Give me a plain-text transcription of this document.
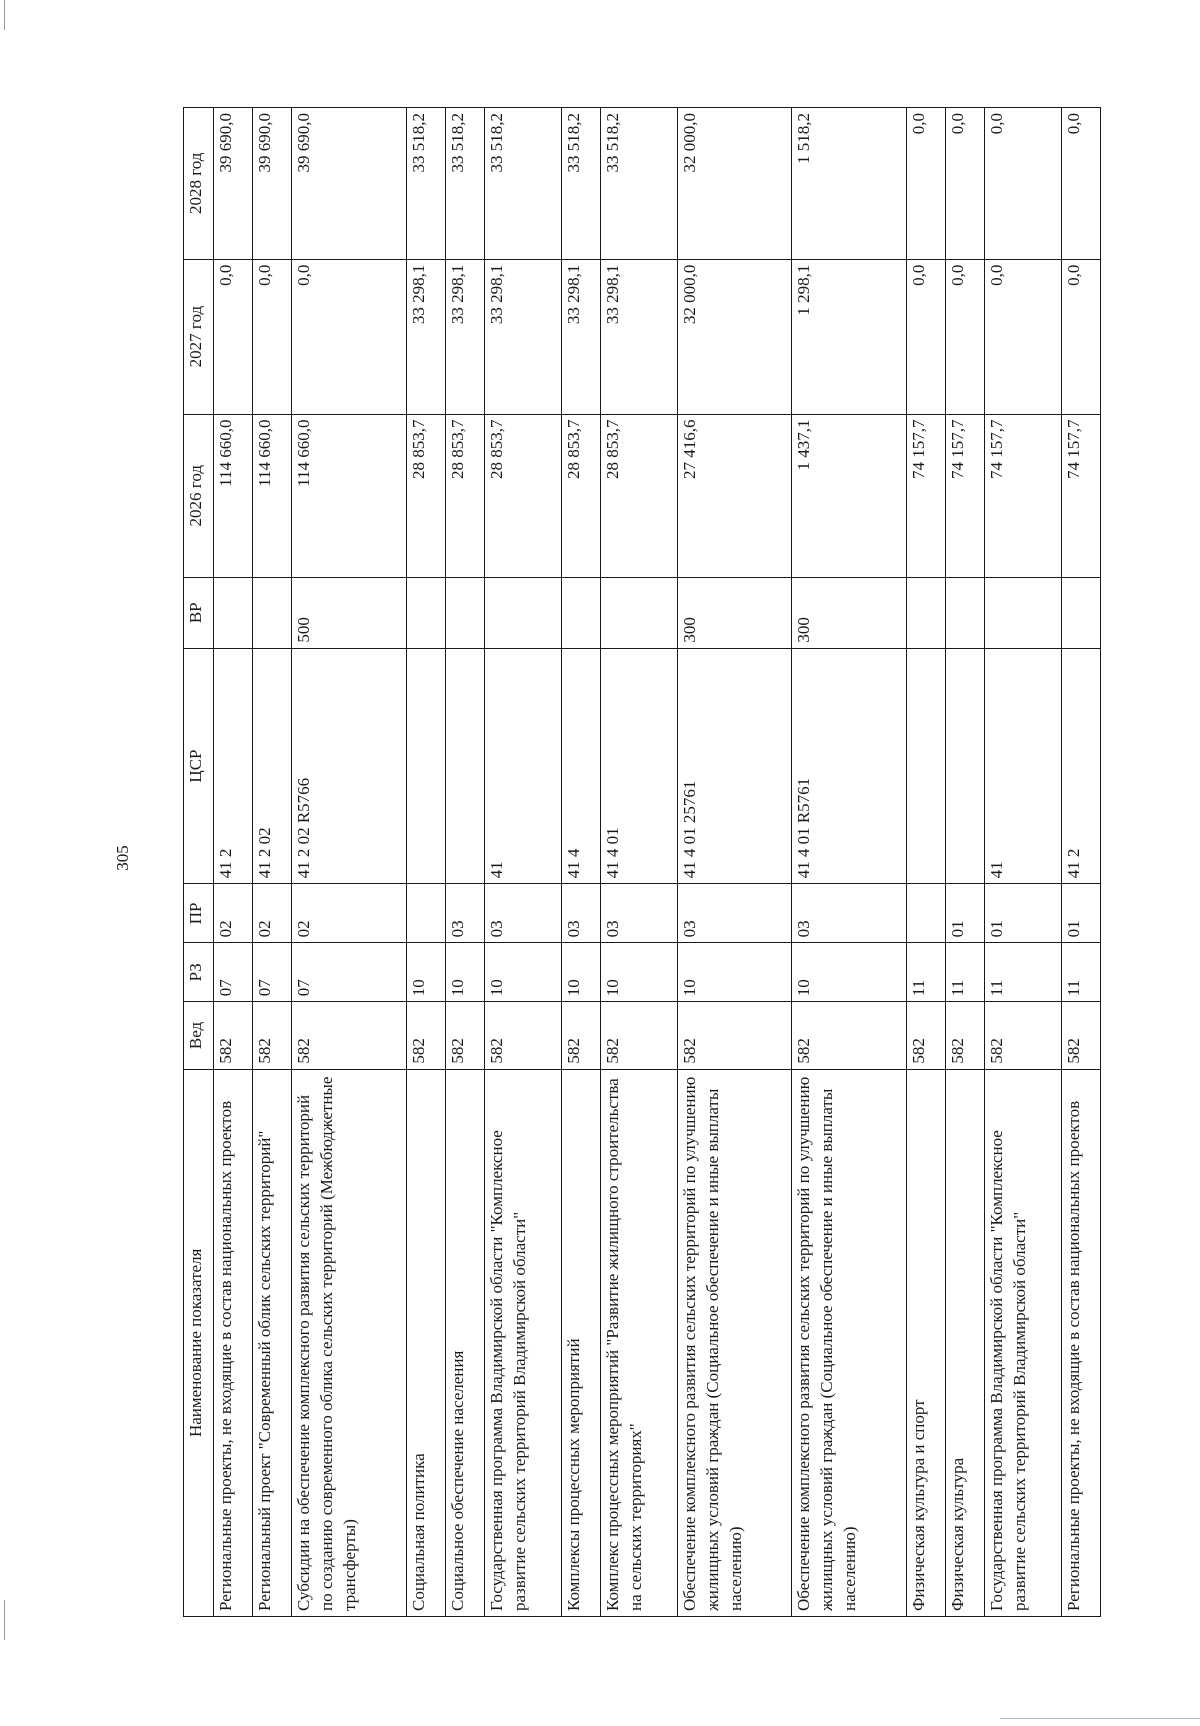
305
Наименование показателя	Вед	РЗ	ПР	ЦСР	ВР	2026 год	2027 год	2028 год
Региональные проекты, не входящие в состав национальных проектов	582	07	02	41 2		114 660,0	0,0	39 690,0
Региональный проект "Современный облик сельских территорий"	582	07	02	41 2 02		114 660,0	0,0	39 690,0
Субсидии на обеспечение комплексного развития сельских территорий по созданию современного облика сельских территорий (Межбюджетные трансферты)	582	07	02	41 2 02 R5766	500	114 660,0	0,0	39 690,0
Социальная политика	582	10				28 853,7	33 298,1	33 518,2
Социальное обеспечение населения	582	10	03			28 853,7	33 298,1	33 518,2
Государственная программа Владимирской области "Комплексное развитие сельских территорий Владимирской области"	582	10	03	41		28 853,7	33 298,1	33 518,2
Комплексы процессных мероприятий	582	10	03	41 4		28 853,7	33 298,1	33 518,2
Комплекс процессных мероприятий "Развитие жилищного строительства на сельских территориях"	582	10	03	41 4 01		28 853,7	33 298,1	33 518,2
Обеспечение комплексного развития сельских территорий по улучшению жилищных условий граждан (Социальное обеспечение и иные выплаты населению)	582	10	03	41 4 01 25761	300	27 416,6	32 000,0	32 000,0
Обеспечение комплексного развития сельских территорий по улучшению жилищных условий граждан (Социальное обеспечение и иные выплаты населению)	582	10	03	41 4 01 R5761	300	1 437,1	1 298,1	1 518,2
Физическая культура и спорт	582	11				74 157,7	0,0	0,0
Физическая культура	582	11	01			74 157,7	0,0	0,0
Государственная программа Владимирской области "Комплексное развитие сельских территорий Владимирской области"	582	11	01	41		74 157,7	0,0	0,0
Региональные проекты, не входящие в состав национальных проектов	582	11	01	41 2		74 157,7	0,0	0,0
